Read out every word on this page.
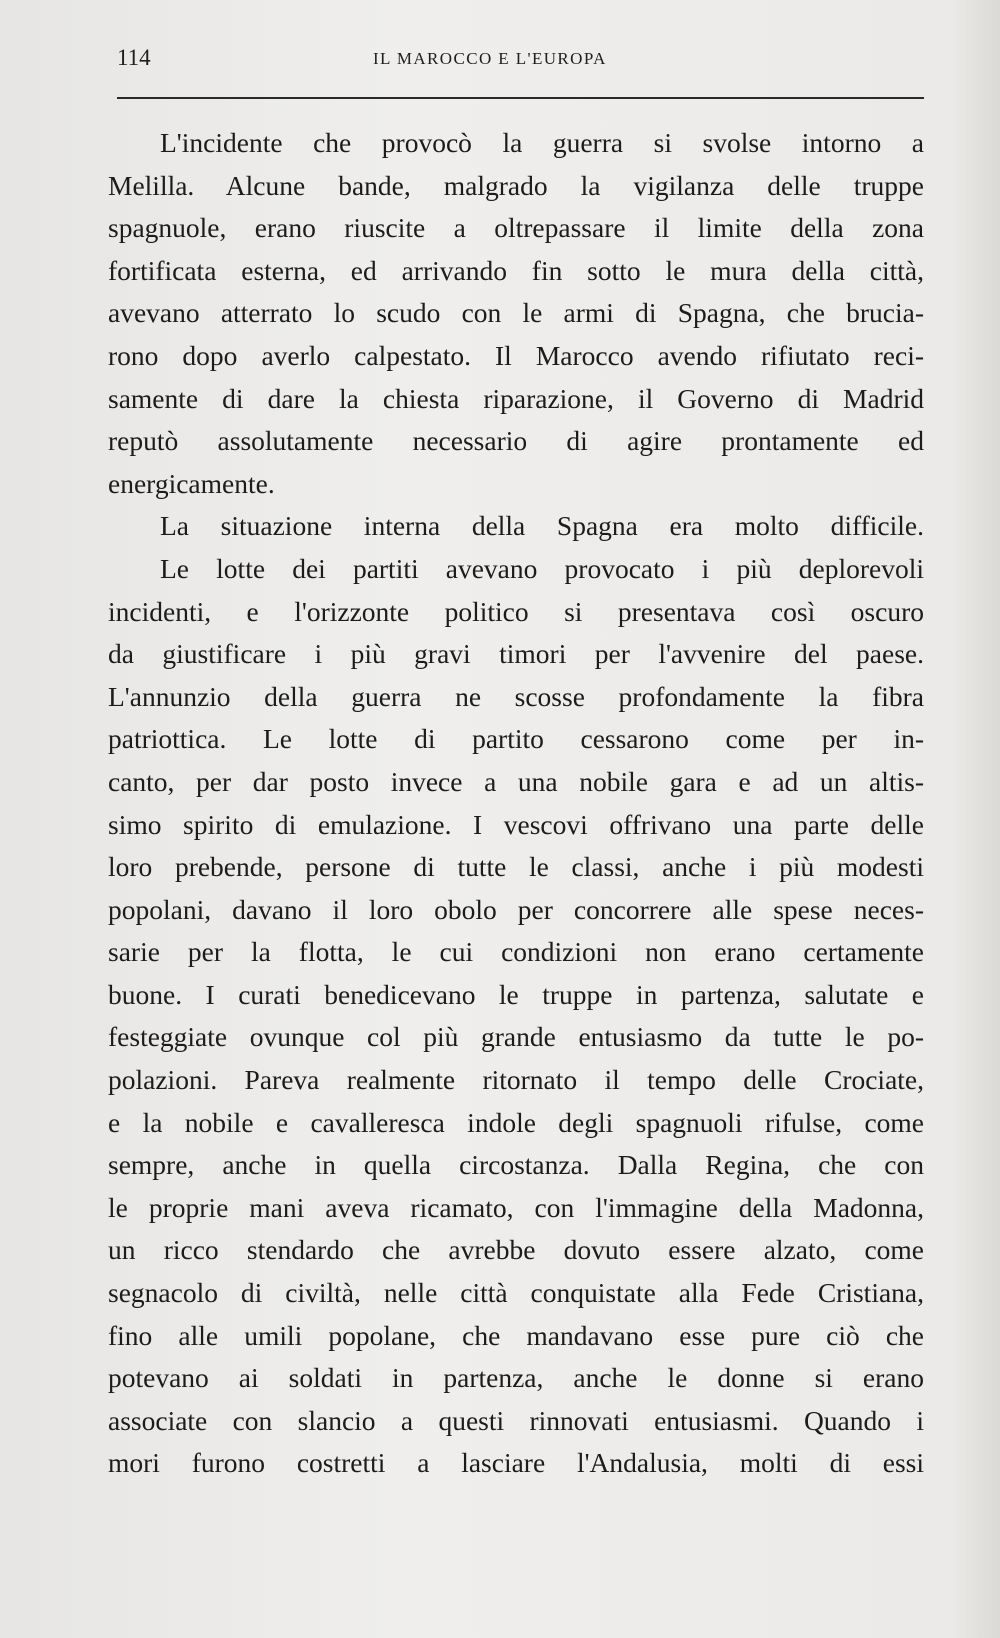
114	IL MAROCCO E L'EUROPA
L'incidente che provocò la guerra si svolse intorno a
Melilla. Alcune bande, malgrado la vigilanza delle truppe
spagnuole, erano riuscite a oltrepassare il limite della zona
fortificata esterna, ed arrivando fin sotto le mura della città,
avevano atterrato lo scudo con le armi di Spagna, che brucia-
rono dopo averlo calpestato. Il Marocco avendo rifiutato reci-
samente di dare la chiesta riparazione, il Governo di Madrid
reputò assolutamente necessario di agire prontamente ed
energicamente.
La situazione interna della Spagna era molto difficile.
Le lotte dei partiti avevano provocato i più deplorevoli
incidenti, e l'orizzonte politico si presentava così oscuro
da giustificare i più gravi timori per l'avvenire del paese.
L'annunzio della guerra ne scosse profondamente la fibra
patriottica. Le lotte di partito cessarono come per in-
canto, per dar posto invece a una nobile gara e ad un altis-
simo spirito di emulazione. I vescovi offrivano una parte delle
loro prebende, persone di tutte le classi, anche i più modesti
popolani, davano il loro obolo per concorrere alle spese neces-
sarie per la flotta, le cui condizioni non erano certamente
buone. I curati benedicevano le truppe in partenza, salutate e
festeggiate ovunque col più grande entusiasmo da tutte le po-
polazioni. Pareva realmente ritornato il tempo delle Crociate,
e la nobile e cavalleresca indole degli spagnuoli rifulse, come
sempre, anche in quella circostanza. Dalla Regina, che con
le proprie mani aveva ricamato, con l'immagine della Madonna,
un ricco stendardo che avrebbe dovuto essere alzato, come
segnacolo di civiltà, nelle città conquistate alla Fede Cristiana,
fino alle umili popolane, che mandavano esse pure ciò che
potevano ai soldati in partenza, anche le donne si erano
associate con slancio a questi rinnovati entusiasmi. Quando i
mori furono costretti a lasciare l'Andalusia, molti di essi
